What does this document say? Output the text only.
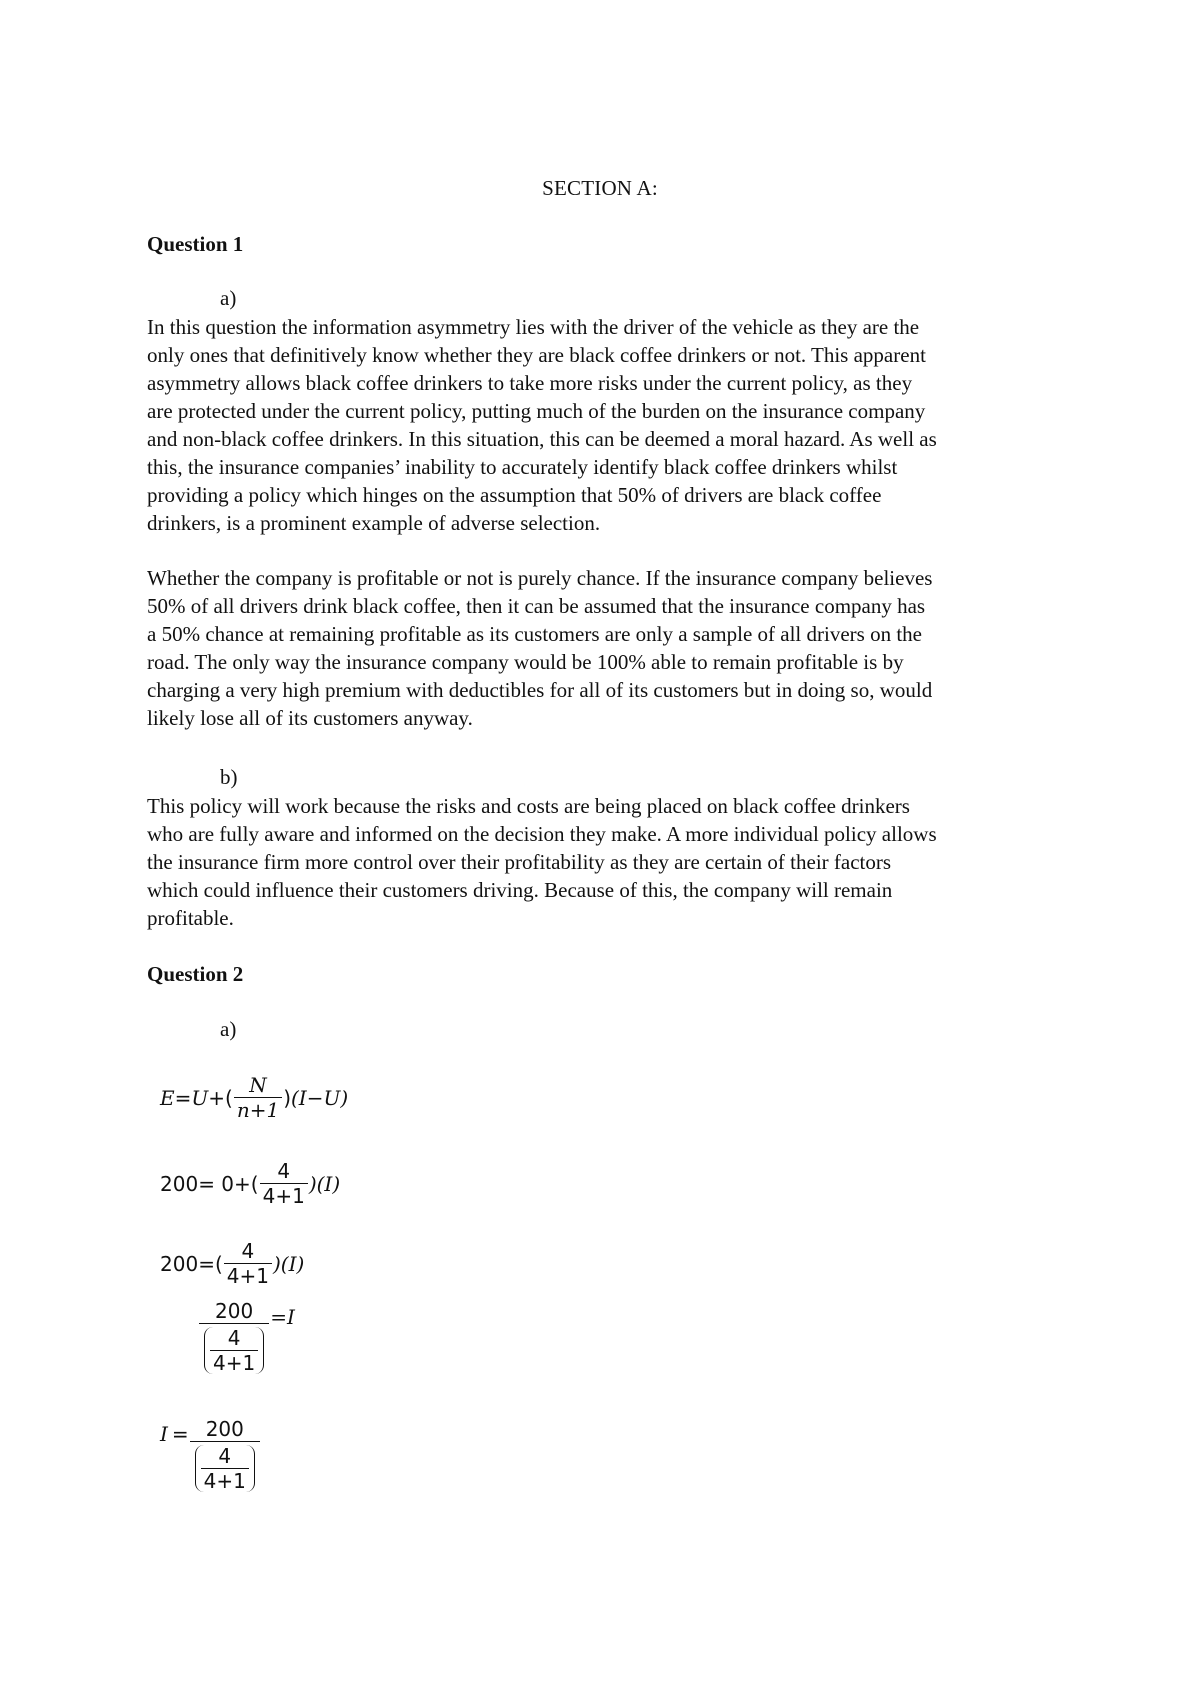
SECTION A:
Question 1
a)

In this question the information asymmetry lies with the driver of the vehicle as they are the
only ones that definitively know whether they are black coffee drinkers or not. This apparent
asymmetry allows black coffee drinkers to take more risks under the current policy, as they
are protected under the current policy, putting much of the burden on the insurance company
and non-black coffee drinkers. In this situation, this can be deemed a moral hazard. As well as
this, the insurance companies’ inability to accurately identify black coffee drinkers whilst
providing a policy which hinges on the assumption that 50% of drivers are black coffee
drinkers, is a prominent example of adverse selection.

Whether the company is profitable or not is purely chance. If the insurance company believes
50% of all drivers drink black coffee, then it can be assumed that the insurance company has
a 50% chance at remaining profitable as its customers are only a sample of all drivers on the
road. The only way the insurance company would be 100% able to remain profitable is by
charging a very high premium with deductibles for all of its customers but in doing so, would
likely lose all of its customers anyway.

b)

This policy will work because the risks and costs are being placed on black coffee drinkers
who are fully aware and informed on the decision they make. A more individual policy allows
the insurance firm more control over their profitability as they are certain of their factors
which could influence their customers driving. Because of this, the company will remain
profitable.

Question 2
a)
E = U + ( $\frac{N}{n+1}$ ) (I−U)
$200 = 0+( \frac{4}{4+1} )(I)$
200 =( $\frac{4}{4+1} )(I)$
$\frac{200}{\frac{4}{4+1}} =I$
$I = \frac{200}{\frac{4}{4+1}}$
